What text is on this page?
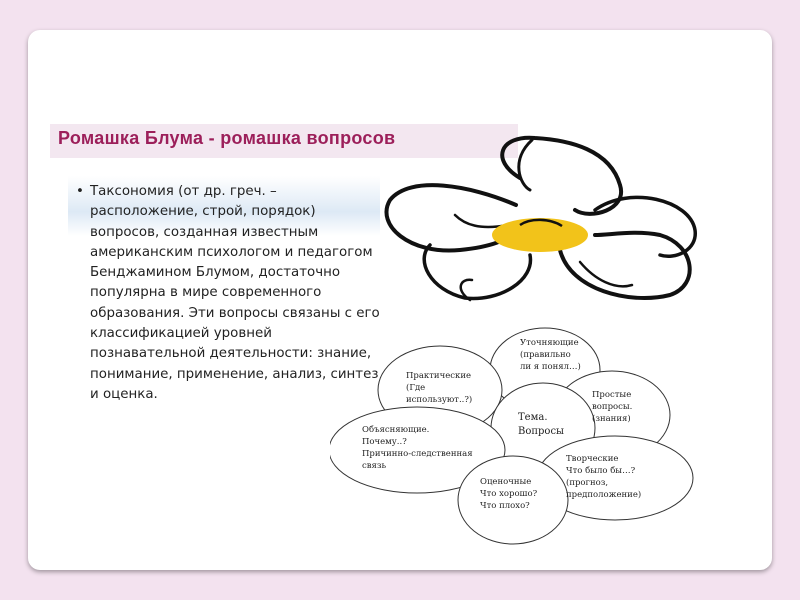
Ромашка Блума - ромашка вопросов
• Таксономия (от др. греч. – расположение, строй, порядок) вопросов, созданная известным американским психологом и педагогом Бенджамином Блумом, достаточно популярна в мире современного образования. Эти вопросы связаны с его классификацией уровней познавательной деятельности: знание, понимание, применение, анализ, синтез и оценка.
Тема. Вопросы
Уточняющие (правильно ли я понял…)
Практические (Где используют..?)	Простые вопросы. (знания)
Объясняющие. Почему..? Причинно-следственная связь
Творческие Что было бы…? (прогноз, предположение)
Оценочные Что хорошо? Что плохо?
